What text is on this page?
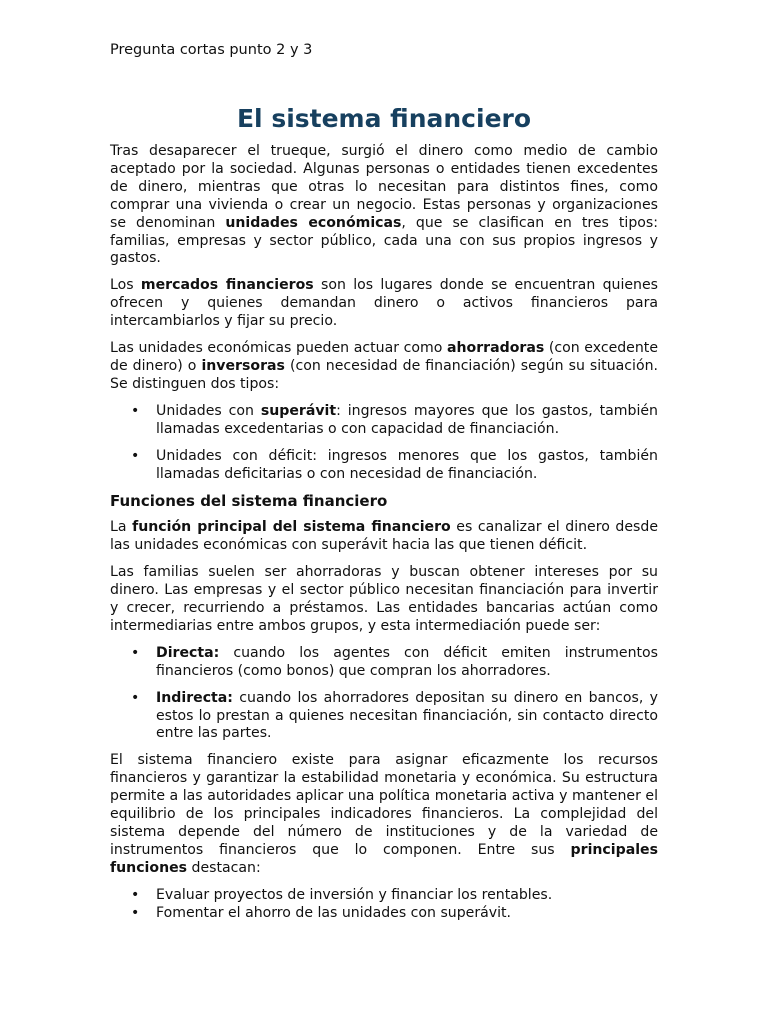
Pregunta cortas punto 2 y 3
El sistema financiero

Tras desaparecer el trueque, surgió el dinero como medio de cambio aceptado por la sociedad. Algunas personas o entidades tienen excedentes de dinero, mientras que otras lo necesitan para distintos fines, como comprar una vivienda o crear un negocio. Estas personas y organizaciones se denominan unidades económicas, que se clasifican en tres tipos: familias, empresas y sector público, cada una con sus propios ingresos y gastos.

Los mercados financieros son los lugares donde se encuentran quienes ofrecen y quienes demandan dinero o activos financieros para intercambiarlos y fijar su precio.

Las unidades económicas pueden actuar como ahorradoras (con excedente de dinero) o inversoras (con necesidad de financiación) según su situación. Se distinguen dos tipos:

• Unidades con superávit: ingresos mayores que los gastos, también llamadas excedentarias o con capacidad de financiación.
• Unidades con déficit: ingresos menores que los gastos, también llamadas deficitarias o con necesidad de financiación.
Funciones del sistema financiero

La función principal del sistema financiero es canalizar el dinero desde las unidades económicas con superávit hacia las que tienen déficit.

Las familias suelen ser ahorradoras y buscan obtener intereses por su dinero. Las empresas y el sector público necesitan financiación para invertir y crecer, recurriendo a préstamos. Las entidades bancarias actúan como intermediarias entre ambos grupos, y esta intermediación puede ser:

• Directa: cuando los agentes con déficit emiten instrumentos financieros (como bonos) que compran los ahorradores.
• Indirecta: cuando los ahorradores depositan su dinero en bancos, y estos lo prestan a quienes necesitan financiación, sin contacto directo entre las partes.

El sistema financiero existe para asignar eficazmente los recursos financieros y garantizar la estabilidad monetaria y económica. Su estructura permite a las autoridades aplicar una política monetaria activa y mantener el equilibrio de los principales indicadores financieros. La complejidad del sistema depende del número de instituciones y de la variedad de instrumentos financieros que lo componen. Entre sus principales funciones destacan:

• Evaluar proyectos de inversión y financiar los rentables.
• Fomentar el ahorro de las unidades con superávit.
